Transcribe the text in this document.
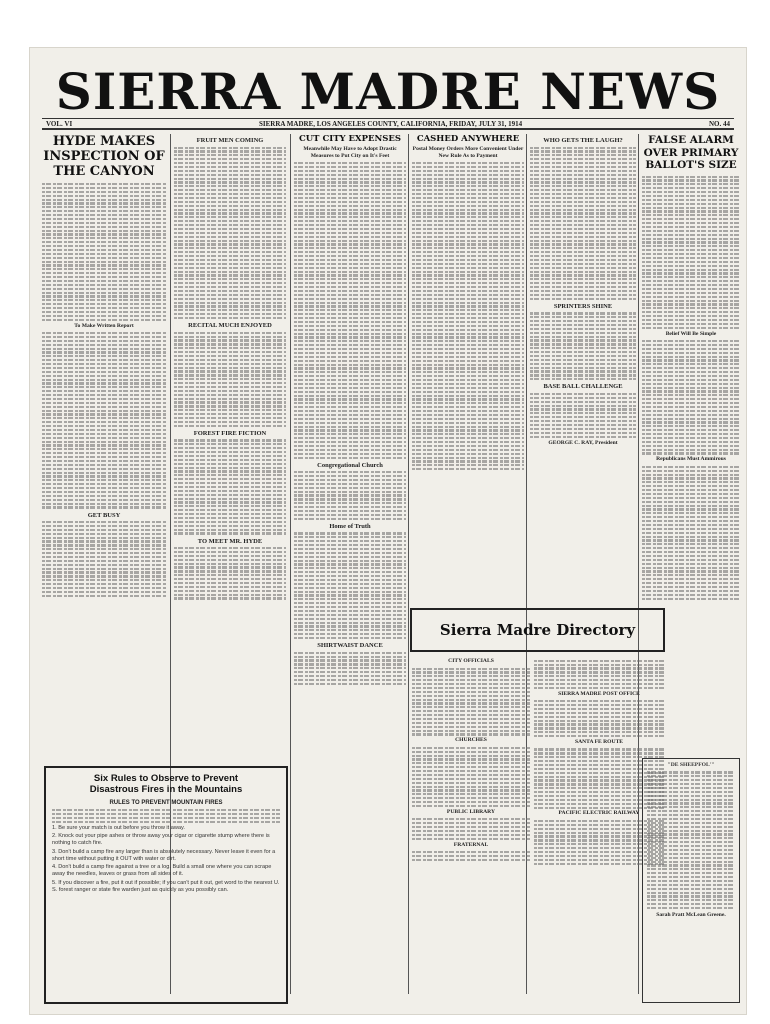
SIERRA MADRE NEWS
VOL. VI	SIERRA MADRE, LOS ANGELES COUNTY, CALIFORNIA, FRIDAY, JULY 31, 1914	NO. 44
HYDE MAKES INSPECTION OF THE CANYON
To Make Written Report
GET BUSY
FRUIT MEN COMING
RECITAL MUCH ENJOYED
FOREST FIRE FICTION
TO MEET MR. HYDE
CUT CITY EXPENSES
Meanwhile May Have to Adopt Drastic Measures to Put City on It's Feet
Congregational Church
Home of Truth
SHIRTWAIST DANCE
CASHED ANYWHERE
Postal Money Orders More Convenient Under New Rule As to Payment
WHO GETS THE LAUGH?
SPRINTERS SHINE
BASE BALL CHALLENGE
GEORGE C. RAY, President
FALSE ALARM OVER PRIMARY BALLOT'S SIZE
Belief Will Be Simple
Republicans Must Ammirous
Sierra Madre Directory
CITY OFFICIALS
CHURCHES
PUBLIC LIBRARY
FRATERNAL
SIERRA MADRE POST OFFICE
SANTA FE ROUTE
PACIFIC ELECTRIC RAILWAY
Six Rules to Observe to Prevent
Disastrous Fires in the Mountains
RULES TO PREVENT MOUNTAIN FIRES

1. Be sure your match is out before you throw it away.

2. Knock out your pipe ashes or throw away your cigar or cigarette stump where there is nothing to catch fire.

3. Don't build a camp fire any larger than is absolutely necessary. Never leave it even for a short time without putting it OUT with water or dirt.

4. Don't build a camp fire against a tree or a log. Build a small one where you can scrape away the needles, leaves or grass from all sides of it.

5. If you discover a fire, put it out if possible; if you can't put it out, get word to the nearest U. S. forest ranger or state fire warden just as quickly as you possibly can.

"DE SHEEPFOL'"
Sarah Pratt McLean Greene.
